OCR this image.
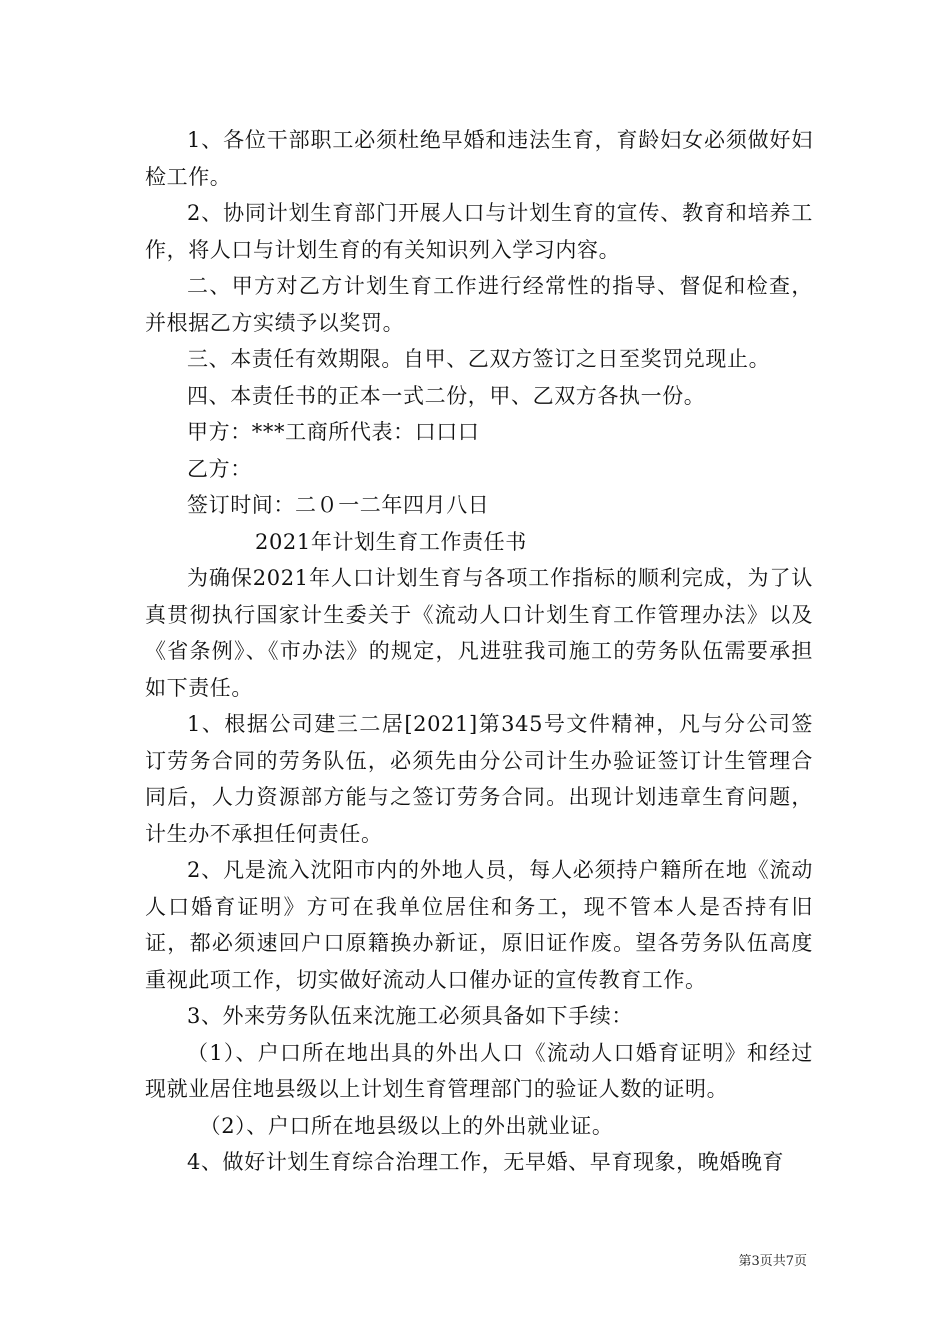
1、各位干部职工必须杜绝早婚和违法生育，育龄妇女必须做好妇检工作。

2、协同计划生育部门开展人口与计划生育的宣传、教育和培养工作，将人口与计划生育的有关知识列入学习内容。

二、甲方对乙方计划生育工作进行经常性的指导、督促和检查，并根据乙方实绩予以奖罚。

三、本责任有效期限。自甲、乙双方签订之日至奖罚兑现止。

四、本责任书的正本一式二份，甲、乙双方各执一份。

甲方：***工商所代表：口口口

乙方：

签订时间：二０一二年四月八日

2021年计划生育工作责任书

为确保2021年人口计划生育与各项工作指标的顺利完成，为了认真贯彻执行国家计生委关于《流动人口计划生育工作管理办法》以及《省条例》、《市办法》的规定，凡进驻我司施工的劳务队伍需要承担如下责任。

1、根据公司建三二居[2021]第345号文件精神，凡与分公司签订劳务合同的劳务队伍，必须先由分公司计生办验证签订计生管理合同后，人力资源部方能与之签订劳务合同。出现计划违章生育问题，计生办不承担任何责任。

2、凡是流入沈阳市内的外地人员，每人必须持户籍所在地《流动人口婚育证明》方可在我单位居住和务工，现不管本人是否持有旧证，都必须速回户口原籍换办新证，原旧证作废。望各劳务队伍高度重视此项工作，切实做好流动人口催办证的宣传教育工作。

3、外来劳务队伍来沈施工必须具备如下手续：

（1）、户口所在地出具的外出人口《流动人口婚育证明》和经过现就业居住地县级以上计划生育管理部门的验证人数的证明。

（2）、户口所在地县级以上的外出就业证。

4、做好计划生育综合治理工作，无早婚、早育现象，晚婚晚育

第3页共7页
